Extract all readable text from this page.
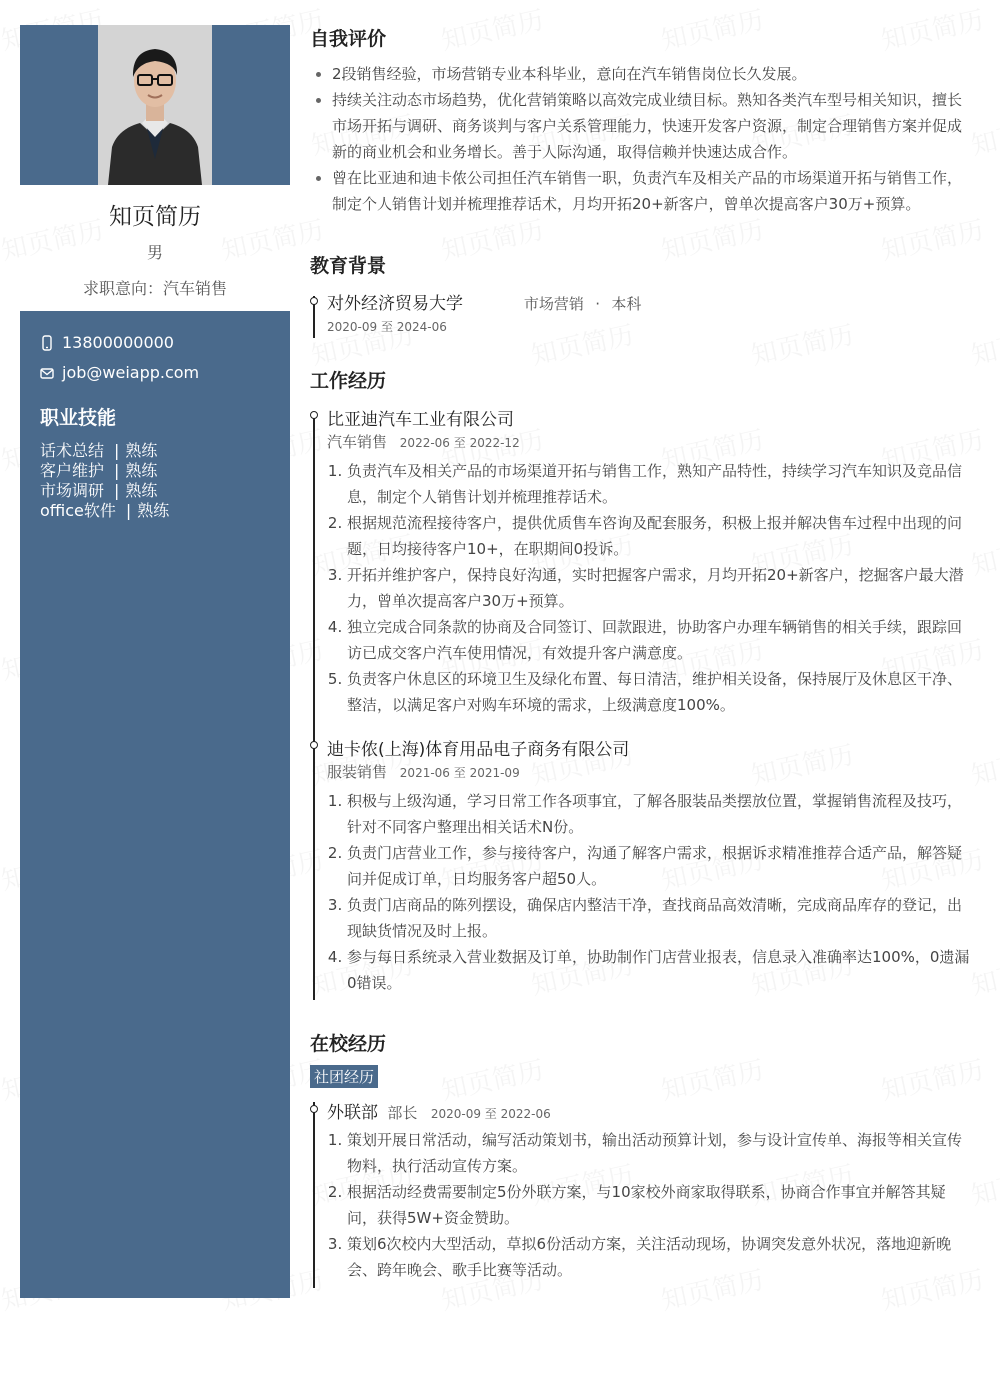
知页简历
男
求职意向：汽车销售
13800000000
job@weiapp.com
职业技能
话术总结 | 熟练
客户维护 | 熟练
市场调研 | 熟练
office软件 | 熟练
自我评价
2段销售经验，市场营销专业本科毕业，意向在汽车销售岗位长久发展。
持续关注动态市场趋势，优化营销策略以高效完成业绩目标。熟知各类汽车型号相关知识，擅长市场开拓与调研、商务谈判与客户关系管理能力，快速开发客户资源，制定合理销售方案并促成新的商业机会和业务增长。善于人际沟通，取得信赖并快速达成合作。
曾在比亚迪和迪卡侬公司担任汽车销售一职，负责汽车及相关产品的市场渠道开拓与销售工作，制定个人销售计划并梳理推荐话术，月均开拓20+新客户，曾单次提高客户30万+预算。
教育背景
对外经济贸易大学	市场营销 · 本科
2020-09 至 2024-06
工作经历
比亚迪汽车工业有限公司
汽车销售 2022-06 至 2022-12
1. 负责汽车及相关产品的市场渠道开拓与销售工作，熟知产品特性，持续学习汽车知识及竞品信息，制定个人销售计划并梳理推荐话术。
2. 根据规范流程接待客户，提供优质售车咨询及配套服务，积极上报并解决售车过程中出现的问题，日均接待客户10+，在职期间0投诉。
3. 开拓并维护客户，保持良好沟通，实时把握客户需求，月均开拓20+新客户，挖掘客户最大潜力，曾单次提高客户30万+预算。
4. 独立完成合同条款的协商及合同签订、回款跟进，协助客户办理车辆销售的相关手续，跟踪回访已成交客户汽车使用情况，有效提升客户满意度。
5. 负责客户休息区的环境卫生及绿化布置、每日清洁，维护相关设备，保持展厅及休息区干净、整洁，以满足客户对购车环境的需求，上级满意度100%。
迪卡侬(上海)体育用品电子商务有限公司
服装销售 2021-06 至 2021-09
1. 积极与上级沟通，学习日常工作各项事宜，了解各服装品类摆放位置，掌握销售流程及技巧，针对不同客户整理出相关话术N份。
2. 负责门店营业工作，参与接待客户，沟通了解客户需求，根据诉求精准推荐合适产品，解答疑问并促成订单，日均服务客户超50人。
3. 负责门店商品的陈列摆设，确保店内整洁干净，查找商品高效清晰，完成商品库存的登记，出现缺货情况及时上报。
4. 参与每日系统录入营业数据及订单，协助制作门店营业报表，信息录入准确率达100%，0遗漏0错误。
在校经历
社团经历
外联部 部长 2020-09 至 2022-06
1. 策划开展日常活动，编写活动策划书，输出活动预算计划，参与设计宣传单、海报等相关宣传物料，执行活动宣传方案。
2. 根据活动经费需要制定5份外联方案，与10家校外商家取得联系，协商合作事宜并解答其疑问，获得5W+资金赞助。
3. 策划6次校内大型活动，草拟6份活动方案，关注活动现场，协调突发意外状况，落地迎新晚会、跨年晚会、歌手比赛等活动。
